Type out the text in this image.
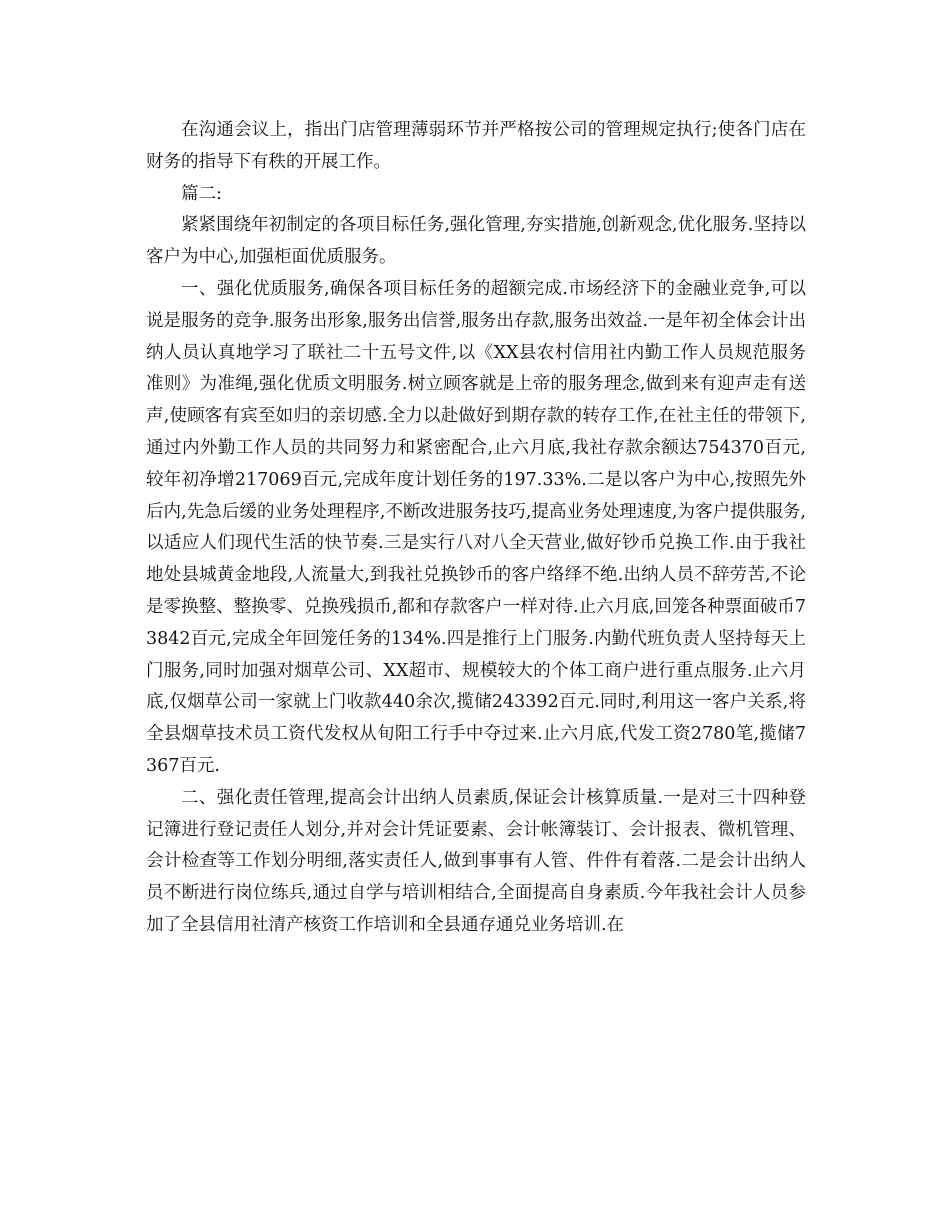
在沟通会议上，指出门店管理薄弱环节并严格按公司的管理规定执行;使各门店在财务的指导下有秩的开展工作。

篇二:

紧紧围绕年初制定的各项目标任务,强化管理,夯实措施,创新观念,优化服务.坚持以客户为中心,加强柜面优质服务。

一、强化优质服务,确保各项目标任务的超额完成.市场经济下的金融业竞争,可以说是服务的竞争.服务出形象,服务出信誉,服务出存款,服务出效益.一是年初全体会计出纳人员认真地学习了联社二十五号文件,以《XX县农村信用社内勤工作人员规范服务准则》为准绳,强化优质文明服务.树立顾客就是上帝的服务理念,做到来有迎声走有送声,使顾客有宾至如归的亲切感.全力以赴做好到期存款的转存工作,在社主任的带领下,通过内外勤工作人员的共同努力和紧密配合,止六月底,我社存款余额达754370百元,较年初净增217069百元,完成年度计划任务的197.33%.二是以客户为中心,按照先外后内,先急后缓的业务处理程序,不断改进服务技巧,提高业务处理速度,为客户提供服务,以适应人们现代生活的快节奏.三是实行八对八全天营业,做好钞币兑换工作.由于我社地处县城黄金地段,人流量大,到我社兑换钞币的客户络绎不绝.出纳人员不辞劳苦,不论是零换整、整换零、兑换残损币,都和存款客户一样对待.止六月底,回笼各种票面破币73842百元,完成全年回笼任务的134%.四是推行上门服务.内勤代班负责人坚持每天上门服务,同时加强对烟草公司、XX超市、规模较大的个体工商户进行重点服务.止六月底,仅烟草公司一家就上门收款440余次,揽储243392百元.同时,利用这一客户关系,将全县烟草技术员工资代发权从旬阳工行手中夺过来.止六月底,代发工资2780笔,揽储7367百元.

二、强化责任管理,提高会计出纳人员素质,保证会计核算质量.一是对三十四种登记簿进行登记责任人划分,并对会计凭证要素、会计帐簿装订、会计报表、微机管理、会计检查等工作划分明细,落实责任人,做到事事有人管、件件有着落.二是会计出纳人员不断进行岗位练兵,通过自学与培训相结合,全面提高自身素质.今年我社会计人员参加了全县信用社清产核资工作培训和全县通存通兑业务培训.在
